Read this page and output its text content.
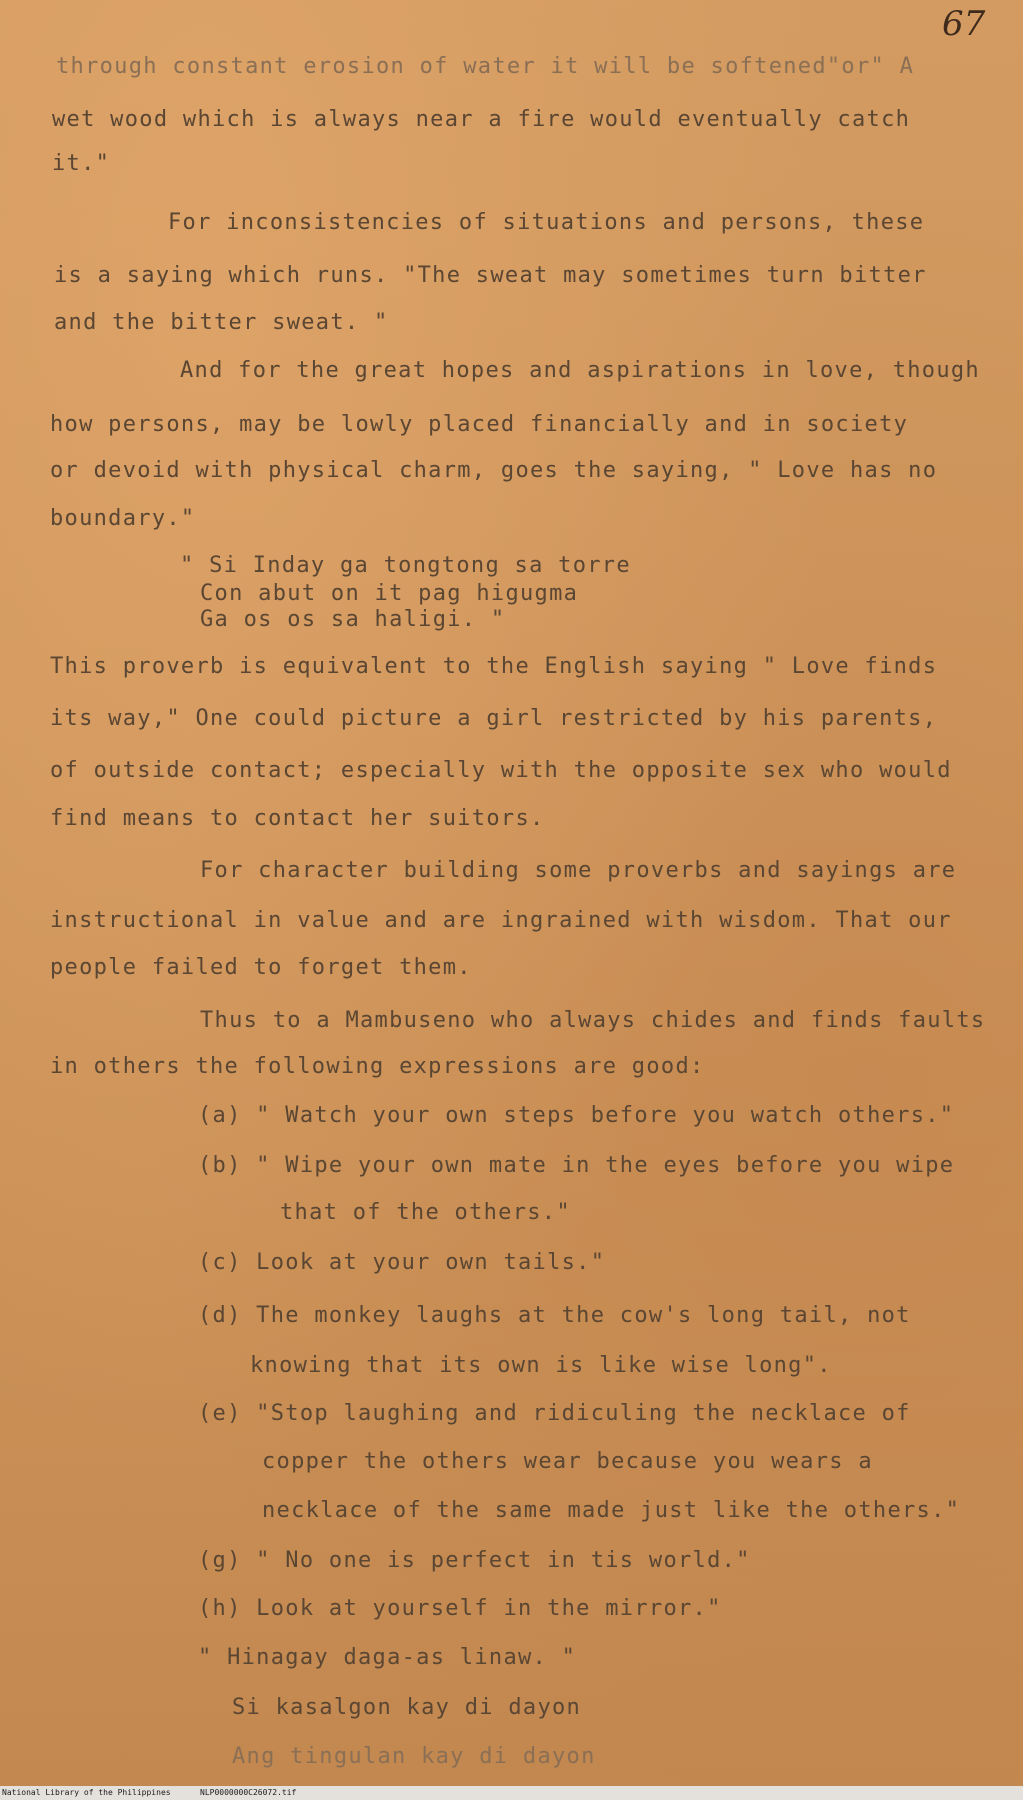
67
through constant erosion of water it will be softened"or" A
wet wood which is always near a fire would eventually catch
it."
For inconsistencies of situations and persons, these
is a saying which runs. "The sweat may sometimes turn bitter
and the bitter sweat. "
And for the great hopes and aspirations in love, though
how persons, may be lowly placed financially and in society
or devoid with physical charm, goes the saying, " Love has no
boundary."
" Si Inday ga tongtong sa torre
Con abut on it pag higugma
Ga os os sa haligi. "
This proverb is equivalent to the English saying " Love finds
its way," One could picture a girl restricted by his parents,
of outside contact; especially with the opposite sex who would
find means to contact her suitors.
For character building some proverbs and sayings are
instructional in value and are ingrained with wisdom. That our
people failed to forget them.
Thus to a Mambuseno who always chides and finds faults
in others the following expressions are good:
(a) " Watch your own steps before you watch others."
(b) " Wipe your own mate in the eyes before you wipe
that of the others."
(c) Look at your own tails."
(d) The monkey laughs at the cow's long tail, not
knowing that its own is like wise long".
(e) "Stop laughing and ridiculing the necklace of
copper the others wear because you wears a
necklace of the same made just like the others."
(g) " No one is perfect in tis world."
(h) Look at yourself in the mirror."
" Hinagay daga-as linaw. "
Si kasalgon kay di dayon
Ang tingulan kay di dayon
National Library of the Philippines	NLP0000000C26072.tif
